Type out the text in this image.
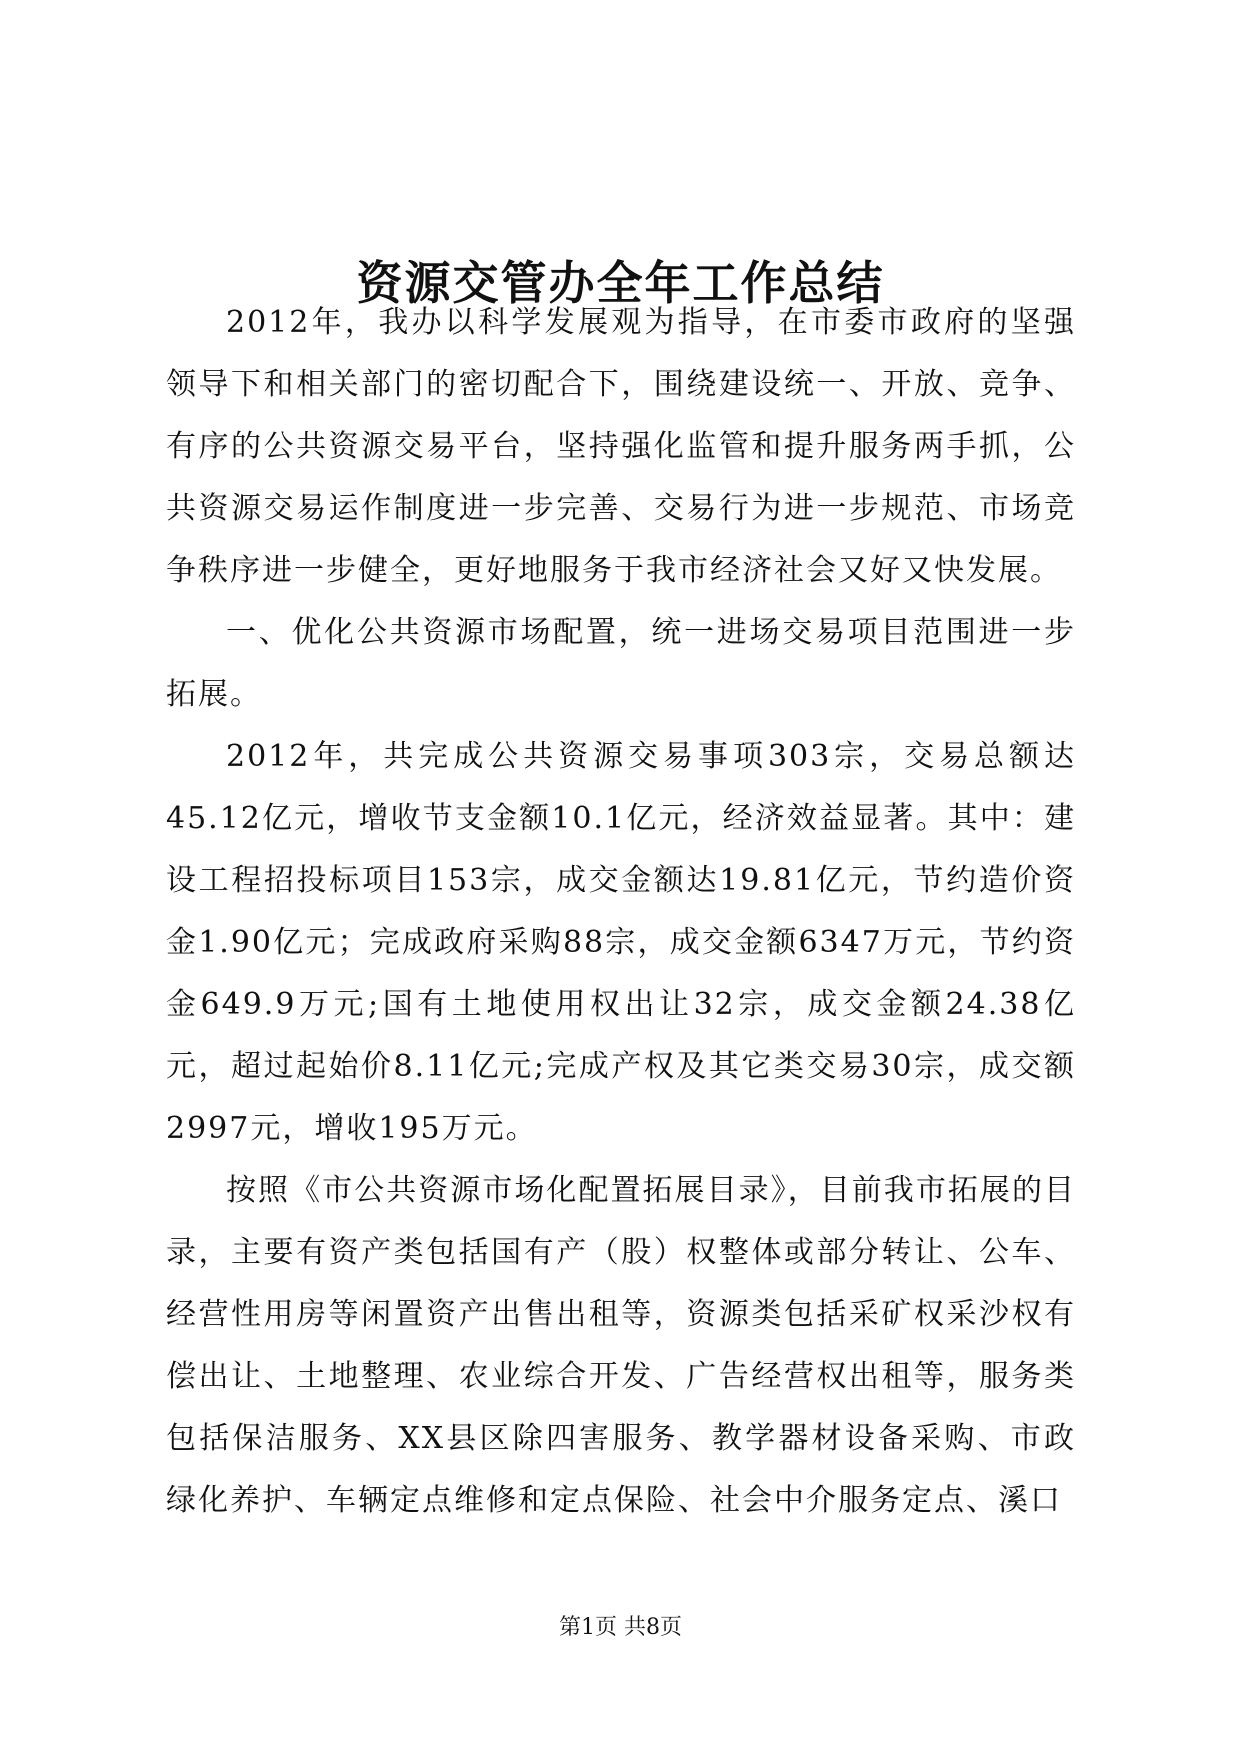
资源交管办全年工作总结

2012年，我办以科学发展观为指导，在市委市政府的坚强领导下和相关部门的密切配合下，围绕建设统一、开放、竞争、有序的公共资源交易平台，坚持强化监管和提升服务两手抓，公共资源交易运作制度进一步完善、交易行为进一步规范、市场竞争秩序进一步健全，更好地服务于我市经济社会又好又快发展。

一、优化公共资源市场配置，统一进场交易项目范围进一步拓展。

2012年，共完成公共资源交易事项303宗，交易总额达45.12亿元，增收节支金额10.1亿元，经济效益显著。其中：建设工程招投标项目153宗，成交金额达19.81亿元，节约造价资金1.90亿元；完成政府采购88宗，成交金额6347万元，节约资金649.9万元;国有土地使用权出让32宗，成交金额24.38亿元，超过起始价8.11亿元;完成产权及其它类交易30宗，成交额2997元，增收195万元。

按照《市公共资源市场化配置拓展目录》，目前我市拓展的目录，主要有资产类包括国有产（股）权整体或部分转让、公车、经营性用房等闲置资产出售出租等，资源类包括采矿权采沙权有偿出让、土地整理、农业综合开发、广告经营权出租等，服务类包括保洁服务、XX县区除四害服务、教学器材设备采购、市政绿化养护、车辆定点维修和定点保险、社会中介服务定点、溪口

第1页 共8页
